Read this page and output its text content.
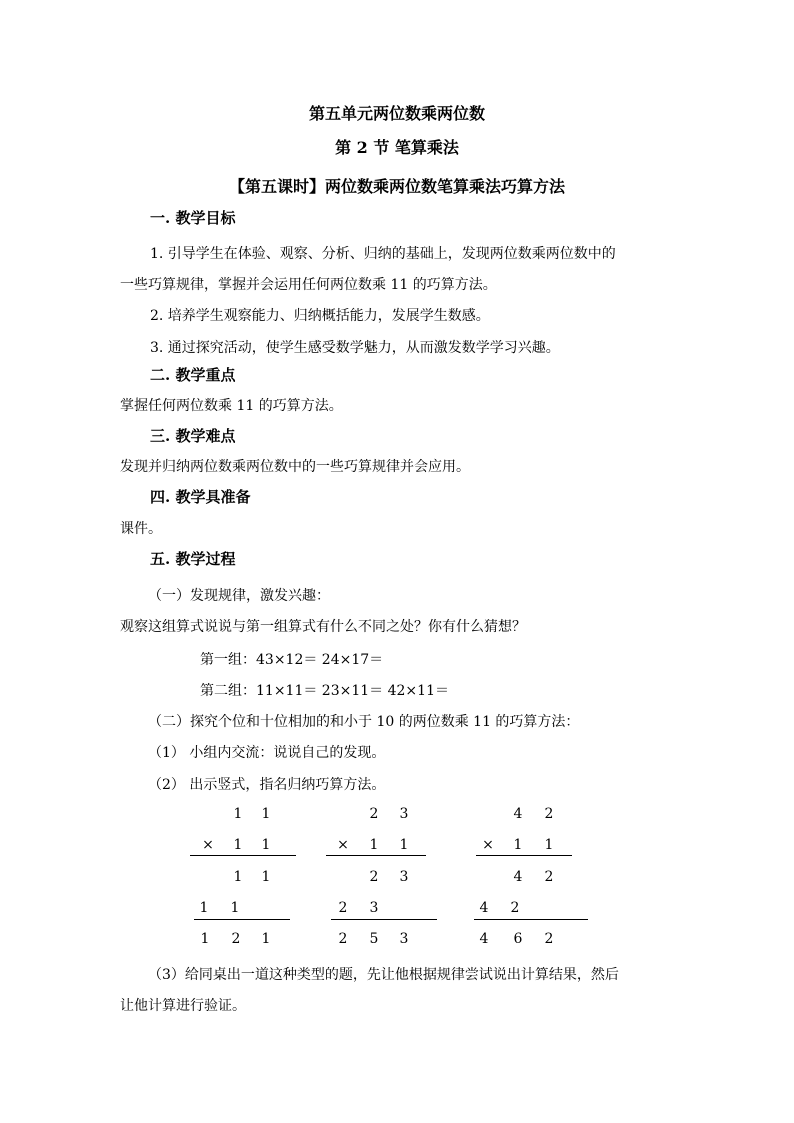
第五单元两位数乘两位数
第 2 节 笔算乘法
【第五课时】两位数乘两位数笔算乘法巧算方法
一. 教学目标
1. 引导学生在体验、观察、分析、归纳的基础上，发现两位数乘两位数中的
一些巧算规律，掌握并会运用任何两位数乘 11 的巧算方法。
2. 培养学生观察能力、归纳概括能力，发展学生数感。
3. 通过探究活动，使学生感受数学魅力，从而激发数学学习兴趣。
二. 教学重点
掌握任何两位数乘 11 的巧算方法。
三. 教学难点
发现并归纳两位数乘两位数中的一些巧算规律并会应用。
四. 教学具准备
课件。
五. 教学过程
（一）发现规律，激发兴趣：
观察这组算式说说与第一组算式有什么不同之处？你有什么猜想？
第一组：43×12＝ 24×17＝
第二组：11×11＝ 23×11＝ 42×11＝
（二）探究个位和十位相加的和小于 10 的两位数乘 11 的巧算方法：
（1） 小组内交流：说说自己的发现。
（2） 出示竖式，指名归纳巧算方法。
1 1
× 1 1
1 1
1 1
1 2 1
2 3
× 1 1
2 3
2 3
2 5 3
4 2
× 1 1
4 2
4 2
4 6 2
（3）给同桌出一道这种类型的题，先让他根据规律尝试说出计算结果，然后
让他计算进行验证。
